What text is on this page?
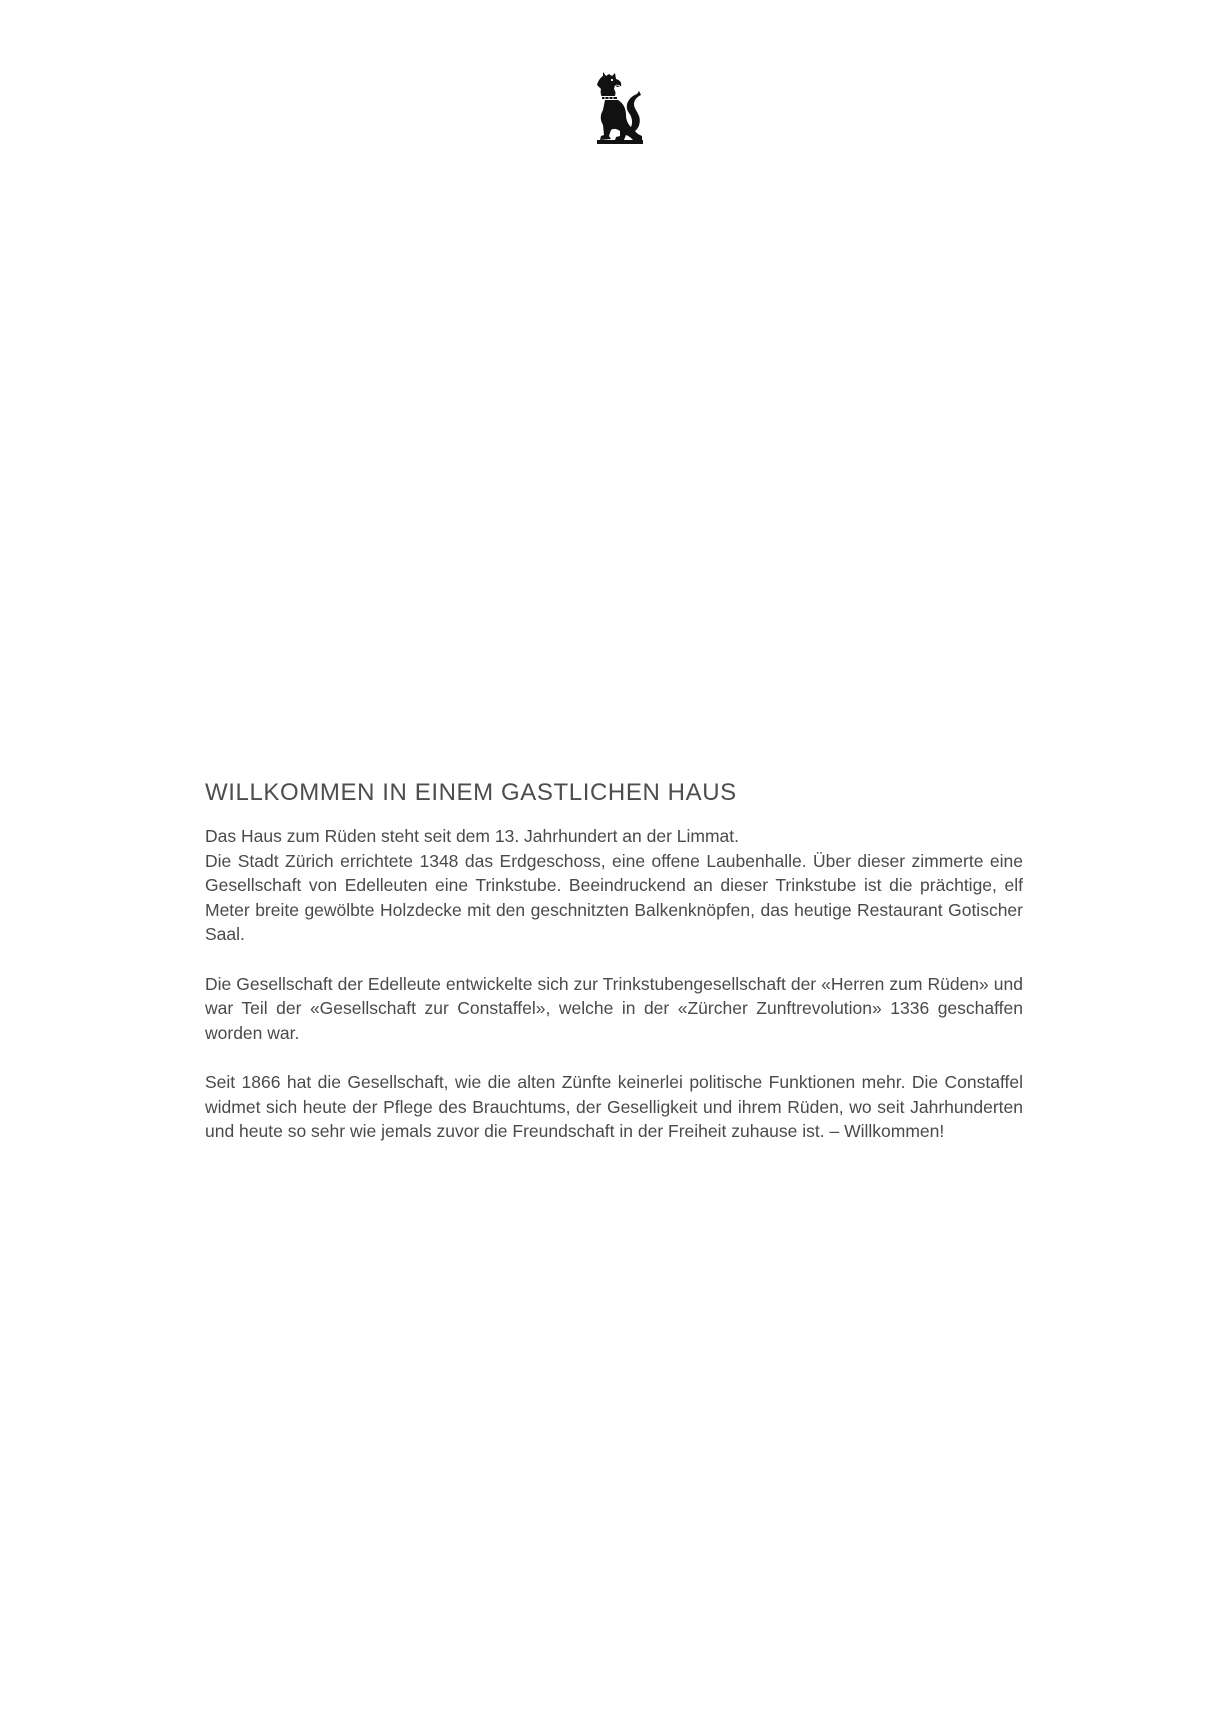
WILLKOMMEN IN EINEM GASTLICHEN HAUS

Das Haus zum Rüden steht seit dem 13. Jahrhundert an der Limmat.
Die Stadt Zürich errichtete 1348 das Erdgeschoss, eine offene Laubenhalle. Über dieser zimmerte eine Gesellschaft von Edelleuten eine Trinkstube. Beeindruckend an dieser Trinkstube ist die prächtige, elf Meter breite gewölbte Holzdecke mit den geschnitzten Balkenknöpfen, das heutige Restaurant Gotischer Saal.

Die Gesellschaft der Edelleute entwickelte sich zur Trinkstubengesellschaft der «Herren zum Rüden» und war Teil der «Gesellschaft zur Constaffel», welche in der «Zürcher Zunftrevolution» 1336 geschaffen worden war.

Seit 1866 hat die Gesellschaft, wie die alten Zünfte keinerlei politische Funktionen mehr. Die Constaffel widmet sich heute der Pflege des Brauchtums, der Geselligkeit und ihrem Rüden, wo seit Jahrhunderten und heute so sehr wie jemals zuvor die Freundschaft in der Freiheit zuhause ist. – Willkommen!
